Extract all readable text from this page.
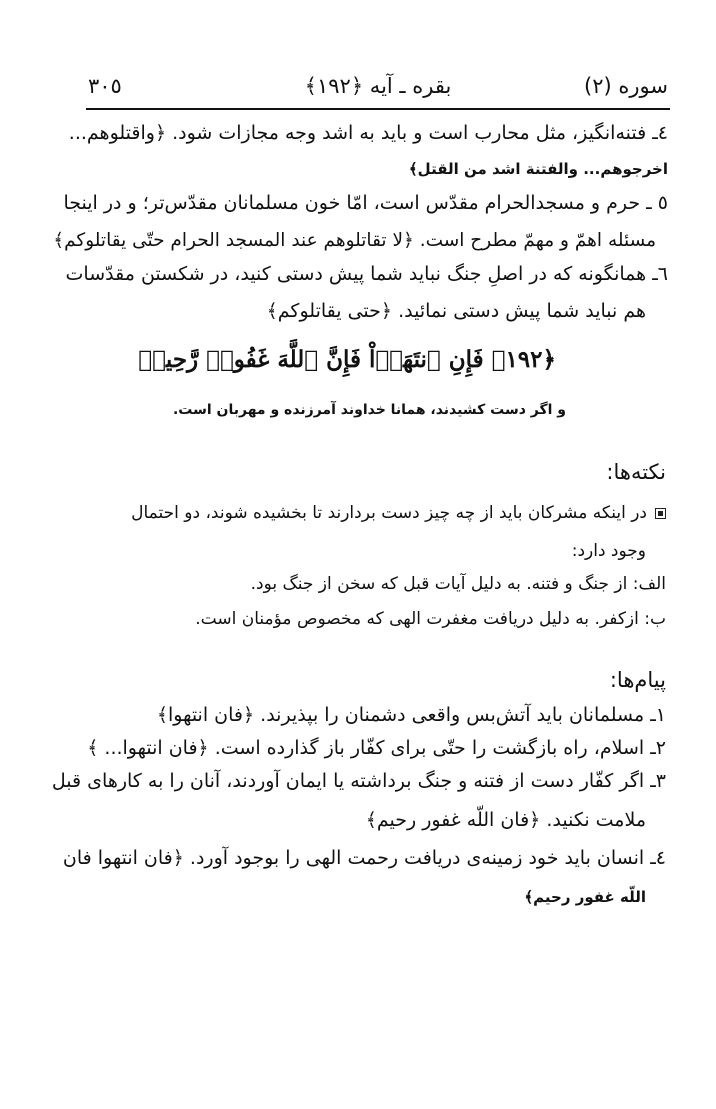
سوره (٢)
بقره ـ آيه ﴿١٩٢﴾
٣٠٥
٤ـ فتنه‌انگيز، مثل محارب است و بايد به اشد وجه مجازات شود. ﴿واقتلوهم...
اخرجوهم... والفتنة اشد من القتل﴾
٥ ـ حرم و مسجدالحرام مقدّس است، امّا خون مسلمانان مقدّس‌تر؛ و در اينجا
مسئله اهمّ و مهمّ مطرح است. ﴿لا تقاتلوهم عند المسجد الحرام حتّى يقاتلوكم﴾
٦ـ همانگونه كه در اصلِ جنگ نبايد شما پيش دستى كنيد، در شكستن مقدّسات
هم نبايد شما پيش دستى نمائيد. ﴿حتى يقاتلوكم﴾
﴿١٩٢﴾ فَإِنِ ٱنتَهَوۡاْ فَإِنَّ ٱللَّهَ غَفُورٞ رَّحِيمٞ
و اگر دست كشيدند، همانا خداوند آمرزنده و مهربان است.
نكته‌ها:
در اينكه مشركان بايد از چه چيز دست بردارند تا بخشيده شوند، دو احتمال
وجود دارد:
الف: از جنگ و فتنه. به دليل آيات قبل كه سخن از جنگ بود.
ب: ازكفر. به دليل دريافت مغفرت الهى كه مخصوص مؤمنان است.
پيام‌ها:
١ـ مسلمانان بايد آتش‌بس واقعى دشمنان را بپذيرند. ﴿فان انتهوا﴾
٢ـ اسلام، راه بازگشت را حتّى براى كفّار باز گذارده است. ﴿فان انتهوا... ﴾
٣ـ اگر كفّار دست از فتنه و جنگ برداشته يا ايمان آوردند، آنان را به كارهاى قبل
ملامت نكنيد. ﴿فان اللّه غفور رحيم﴾
٤ـ انسان بايد خود زمينه‌ى دريافت رحمت الهى را بوجود آورد. ﴿فان انتهوا فان
اللّه غفور رحيم﴾
